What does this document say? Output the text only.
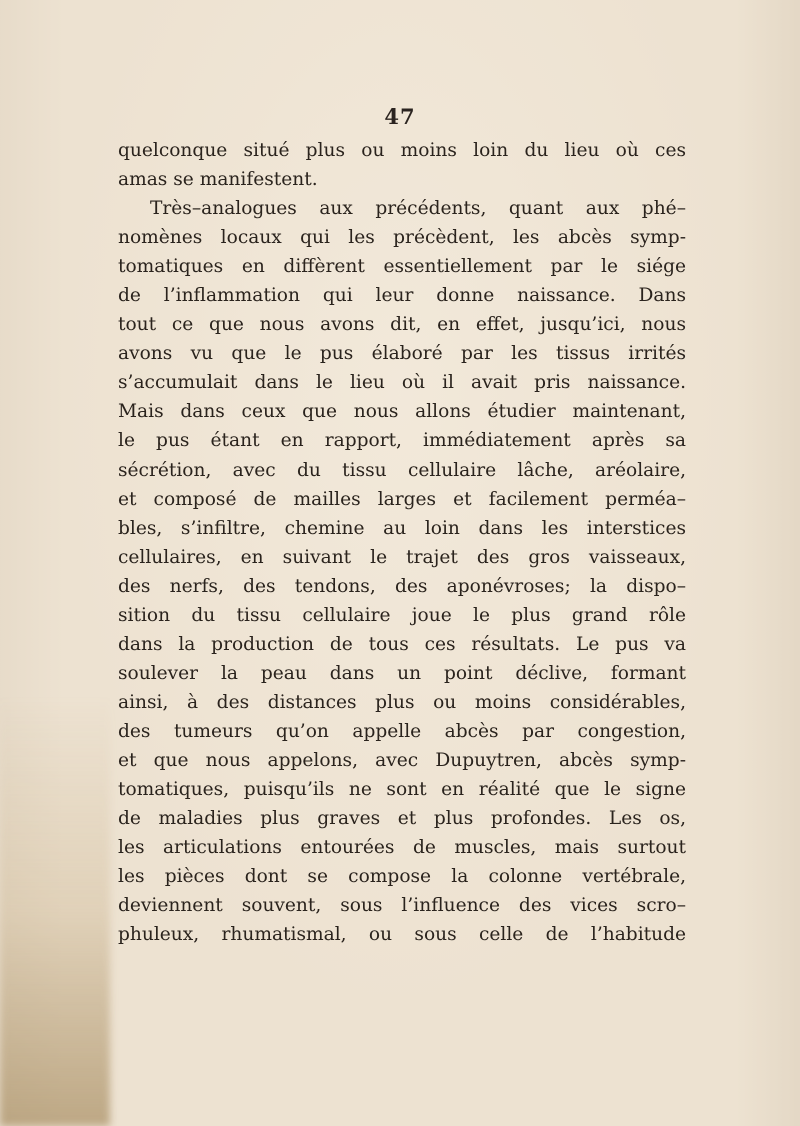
47
quelconque situé plus ou moins loin du lieu où ces
amas se manifestent.
Très–analogues aux précédents, quant aux phé–
nomènes locaux qui les précèdent, les abcès symp-
tomatiques en diffèrent essentiellement par le siége
de l’inflammation qui leur donne naissance. Dans
tout ce que nous avons dit, en effet, jusqu’ici, nous
avons vu que le pus élaboré par les tissus irrités
s’accumulait dans le lieu où il avait pris naissance.
Mais dans ceux que nous allons étudier maintenant,
le pus étant en rapport, immédiatement après sa
sécrétion, avec du tissu cellulaire lâche, aréolaire,
et composé de mailles larges et facilement perméa–
bles, s’infiltre, chemine au loin dans les interstices
cellulaires, en suivant le trajet des gros vaisseaux,
des nerfs, des tendons, des aponévroses; la dispo–
sition du tissu cellulaire joue le plus grand rôle
dans la production de tous ces résultats. Le pus va
soulever la peau dans un point déclive, formant
ainsi, à des distances plus ou moins considérables,
des tumeurs qu’on appelle abcès par congestion,
et que nous appelons, avec Dupuytren, abcès symp-
tomatiques, puisqu’ils ne sont en réalité que le signe
de maladies plus graves et plus profondes. Les os,
les articulations entourées de muscles, mais surtout
les pièces dont se compose la colonne vertébrale,
deviennent souvent, sous l’influence des vices scro–
phuleux, rhumatismal, ou sous celle de l’habitude
